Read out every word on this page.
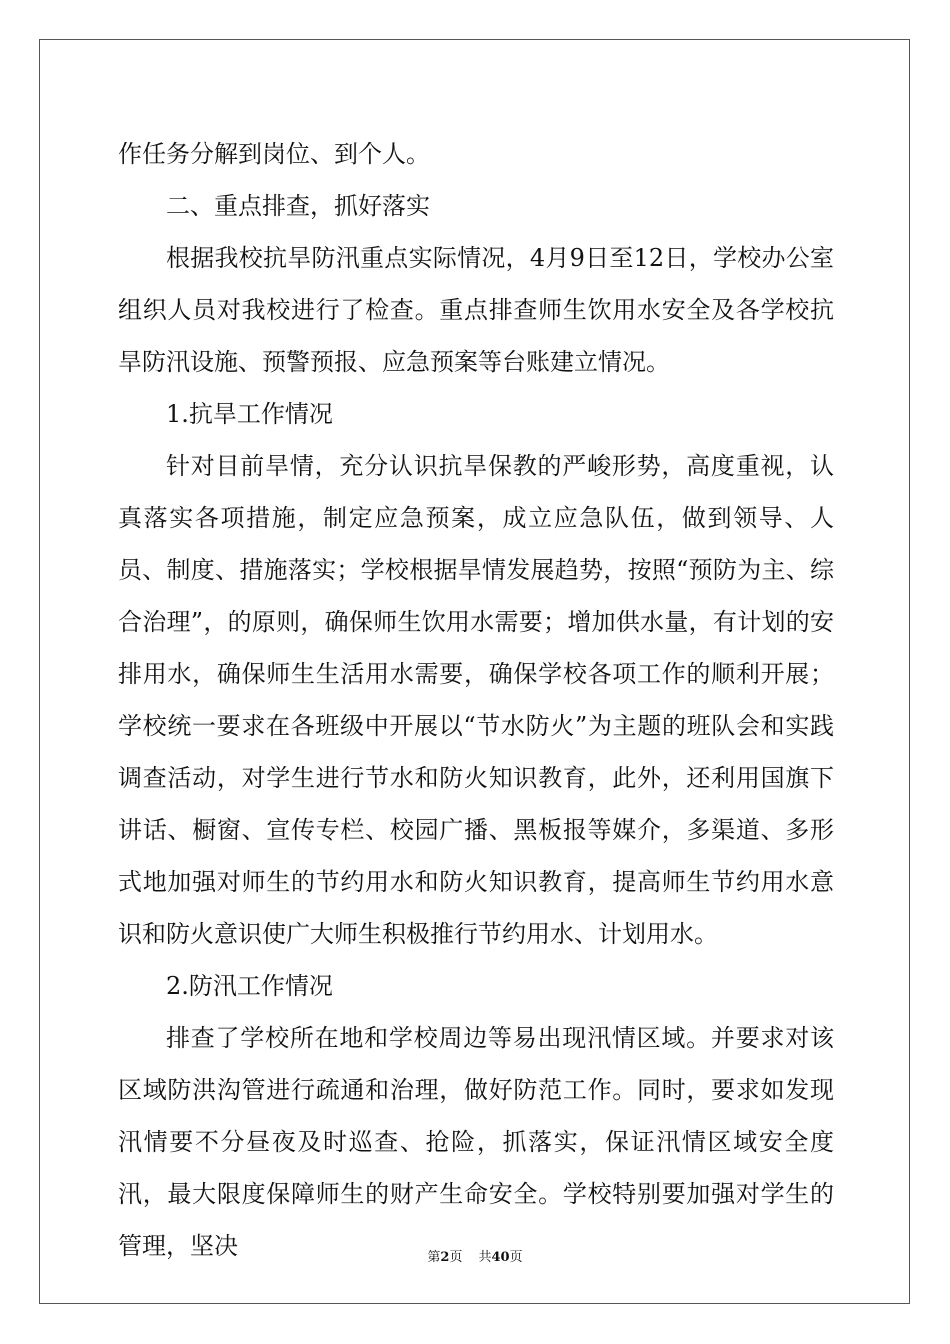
作任务分解到岗位、到个人。

二、重点排查，抓好落实

根据我校抗旱防汛重点实际情况，4月9日至12日，学校办公室组织人员对我校进行了检查。重点排查师生饮用水安全及各学校抗旱防汛设施、预警预报、应急预案等台账建立情况。

1.抗旱工作情况

针对目前旱情，充分认识抗旱保教的严峻形势，高度重视，认真落实各项措施，制定应急预案，成立应急队伍，做到领导、人员、制度、措施落实；学校根据旱情发展趋势，按照“预防为主、综合治理”，的原则，确保师生饮用水需要；增加供水量，有计划的安排用水，确保师生生活用水需要，确保学校各项工作的顺利开展；学校统一要求在各班级中开展以“节水防火”为主题的班队会和实践调查活动，对学生进行节水和防火知识教育，此外，还利用国旗下讲话、橱窗、宣传专栏、校园广播、黑板报等媒介，多渠道、多形式地加强对师生的节约用水和防火知识教育，提高师生节约用水意识和防火意识使广大师生积极推行节约用水、计划用水。

2.防汛工作情况

排查了学校所在地和学校周边等易出现汛情区域。并要求对该区域防洪沟管进行疏通和治理，做好防范工作。同时，要求如发现汛情要不分昼夜及时巡查、抢险，抓落实，保证汛情区域安全度汛，最大限度保障师生的财产生命安全。学校特别要加强对学生的管理，坚决	第2页 共40页
